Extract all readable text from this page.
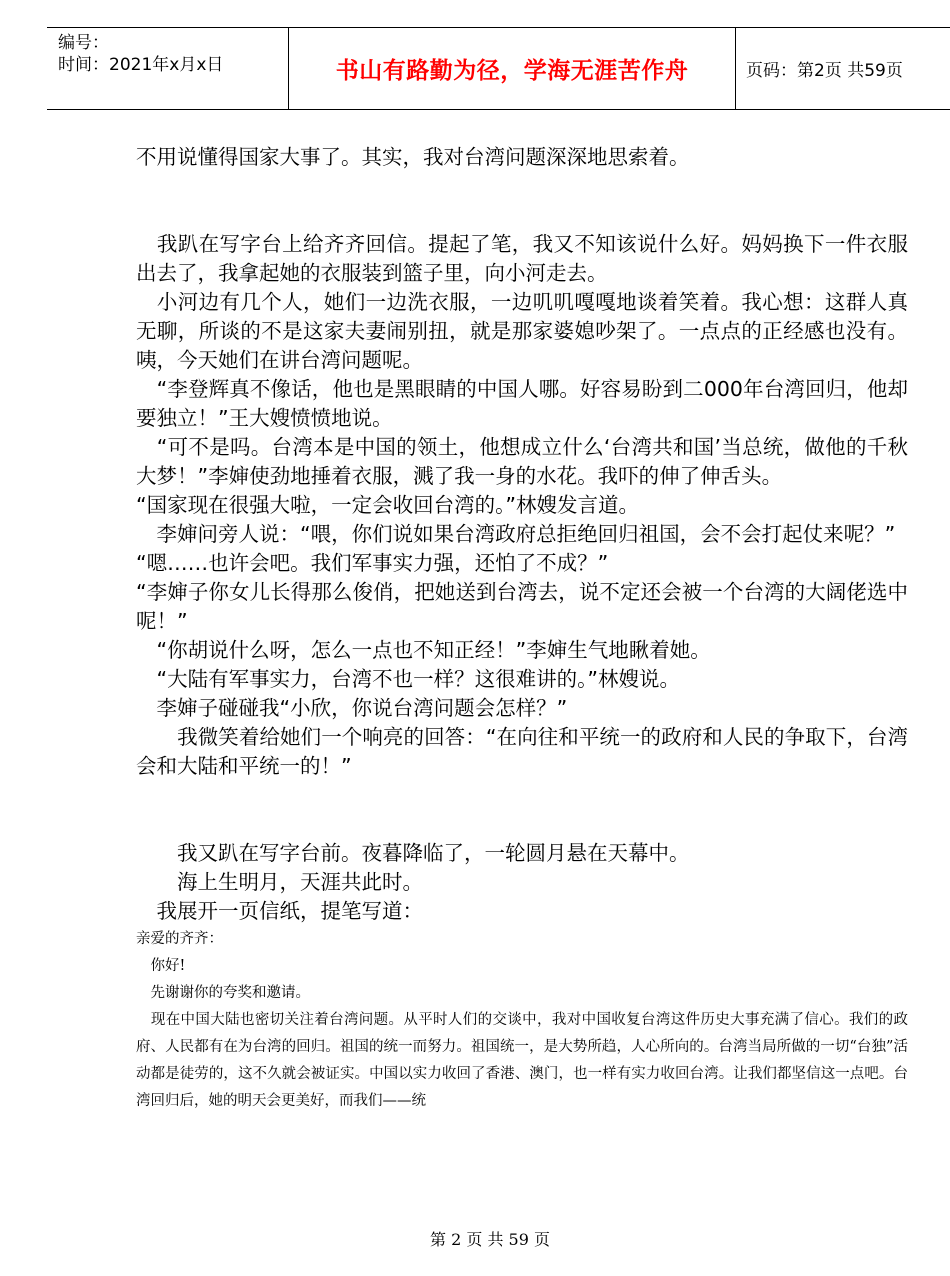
编号：
时间：2021年x月x日	书山有路勤为径，学海无涯苦作舟	页码：第2页 共59页

不用说懂得国家大事了。其实，我对台湾问题深深地思索着。

　我趴在写字台上给齐齐回信。提起了笔，我又不知该说什么好。妈妈换下一件衣服出去了，我拿起她的衣服装到篮子里，向小河走去。

　小河边有几个人，她们一边洗衣服，一边叽叽嘎嘎地谈着笑着。我心想：这群人真无聊，所谈的不是这家夫妻闹别扭，就是那家婆媳吵架了。一点点的正经感也没有。咦，今天她们在讲台湾问题呢。

　“李登辉真不像话，他也是黑眼睛的中国人哪。好容易盼到二000年台湾回归，他却要独立！”王大嫂愤愤地说。

　“可不是吗。台湾本是中国的领土，他想成立什么‘台湾共和国’当总统，做他的千秋大梦！”李婶使劲地捶着衣服，溅了我一身的水花。我吓的伸了伸舌头。

“国家现在很强大啦，一定会收回台湾的。”林嫂发言道。

　李婶问旁人说：“喂，你们说如果台湾政府总拒绝回归祖国，会不会打起仗来呢？”

“嗯……也许会吧。我们军事实力强，还怕了不成？”

“李婶子你女儿长得那么俊俏，把她送到台湾去，说不定还会被一个台湾的大阔佬选中呢！”

　“你胡说什么呀，怎么一点也不知正经！”李婶生气地瞅着她。

　“大陆有军事实力，台湾不也一样？这很难讲的。”林嫂说。

　李婶子碰碰我“小欣，你说台湾问题会怎样？”

　　我微笑着给她们一个响亮的回答：“在向往和平统一的政府和人民的争取下，台湾会和大陆和平统一的！”

　　我又趴在写字台前。夜暮降临了，一轮圆月悬在天幕中。

　　海上生明月，天涯共此时。

　我展开一页信纸，提笔写道：

亲爱的齐齐：

　你好!

　先谢谢你的夸奖和邀请。

　现在中国大陆也密切关注着台湾问题。从平时人们的交谈中，我对中国收复台湾这件历史大事充满了信心。我们的政府、人民都有在为台湾的回归。祖国的统一而努力。祖国统一，是大势所趋，人心所向的。台湾当局所做的一切“台独”活动都是徒劳的，这不久就会被证实。中国以实力收回了香港、澳门，也一样有实力收回台湾。让我们都坚信这一点吧。台湾回归后，她的明天会更美好，而我们——统

第 2 页 共 59 页
